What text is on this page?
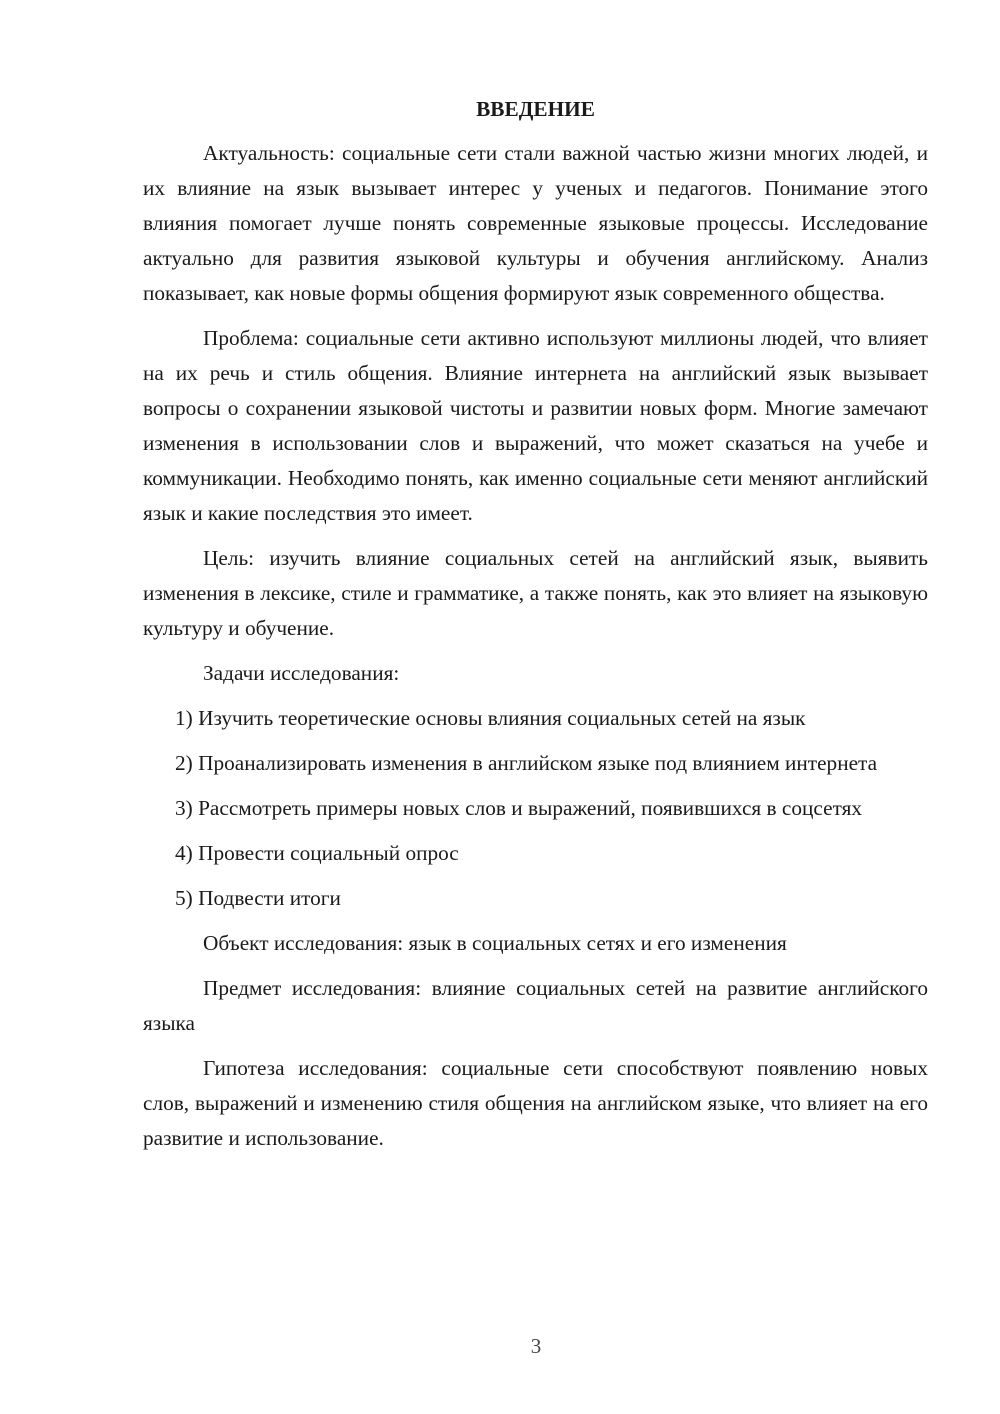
ВВЕДЕНИЕ

Актуальность: социальные сети стали важной частью жизни многих людей, и их влияние на язык вызывает интерес у ученых и педагогов. Понимание этого влияния помогает лучше понять современные языковые процессы. Исследование актуально для развития языковой культуры и обучения английскому. Анализ показывает, как новые формы общения формируют язык современного общества.

Проблема: социальные сети активно используют миллионы людей, что влияет на их речь и стиль общения. Влияние интернета на английский язык вызывает вопросы о сохранении языковой чистоты и развитии новых форм. Многие замечают изменения в использовании слов и выражений, что может сказаться на учебе и коммуникации. Необходимо понять, как именно социальные сети меняют английский язык и какие последствия это имеет.

Цель: изучить влияние социальных сетей на английский язык, выявить изменения в лексике, стиле и грамматике, а также понять, как это влияет на языковую культуру и обучение.

Задачи исследования:

1) Изучить теоретические основы влияния социальных сетей на язык

2) Проанализировать изменения в английском языке под влиянием интернета

3) Рассмотреть примеры новых слов и выражений, появившихся в соцсетях

4) Провести социальный опрос

5) Подвести итоги

Объект исследования: язык в социальных сетях и его изменения

Предмет исследования: влияние социальных сетей на развитие английского языка

Гипотеза исследования: социальные сети способствуют появлению новых слов, выражений и изменению стиля общения на английском языке, что влияет на его развитие и использование.

3
